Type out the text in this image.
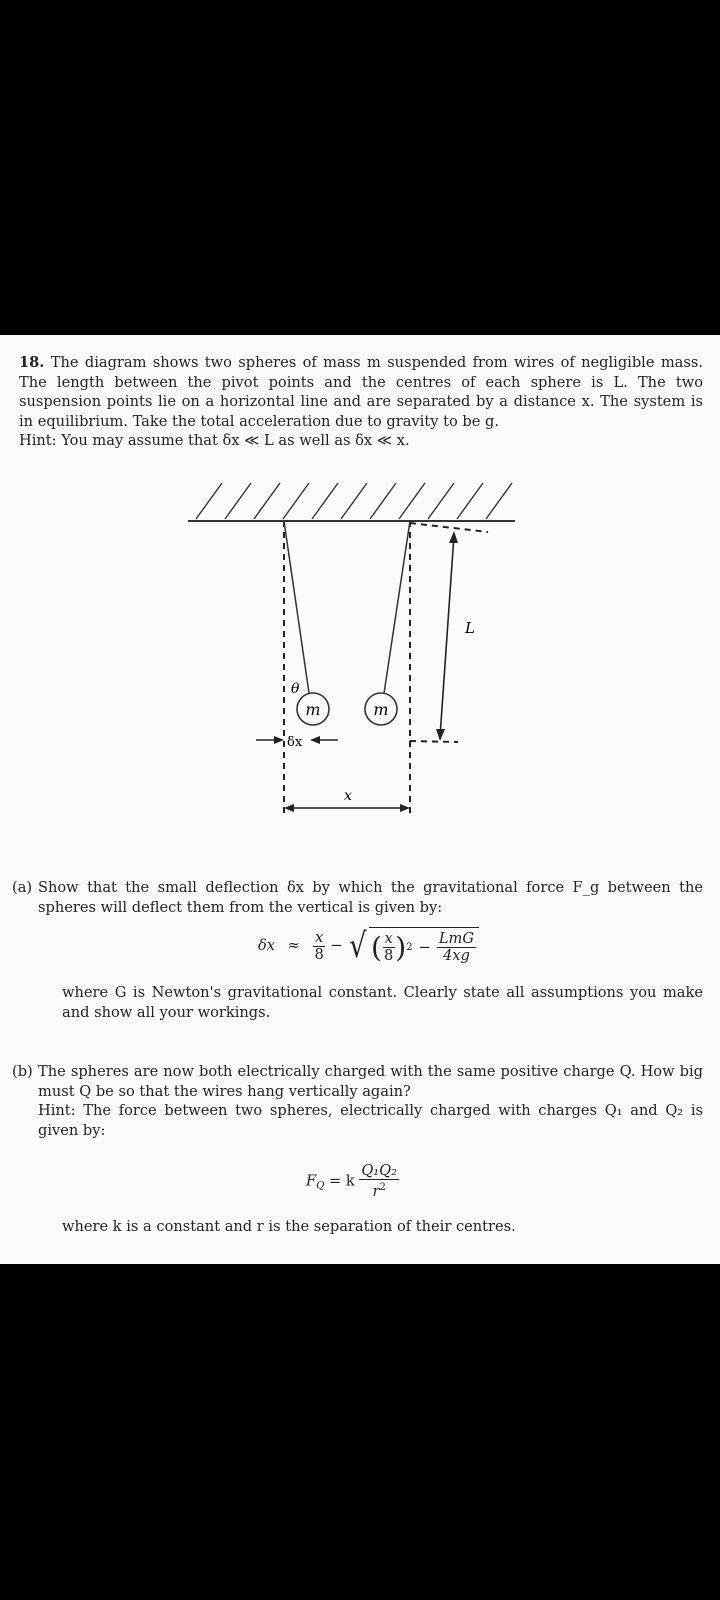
18. The diagram shows two spheres of mass m suspended from wires of negligible mass. The length between the pivot points and the centres of each sphere is L. The two suspension points lie on a horizontal line and are separated by a distance x. The system is in equilibrium. Take the total acceleration due to gravity to be g.

Hint: You may assume that δx ≪ L as well as δx ≪ x.

m	m
L
θ
δx
x
(a) Show that the small deflection δx by which the gravitational force F_g between the spheres will deflect them from the vertical is given by:
$\delta x \approx \frac{x}{8}$ − √ ( $\frac{x}{8}$ ) $2 - \frac{\text{LmG}}{4xg}$
where G is Newton's gravitational constant. Clearly state all assumptions you make and show all your workings.
(b) The spheres are now both electrically charged with the same positive charge Q. How big must Q be so that the wires hang vertically again?
Hint: The force between two spheres, electrically charged with charges Q₁ and Q₂ is given by:
$F_Q = k \frac{\text{Q₁Q₂}}{r^2}$
where k is a constant and r is the separation of their centres.
